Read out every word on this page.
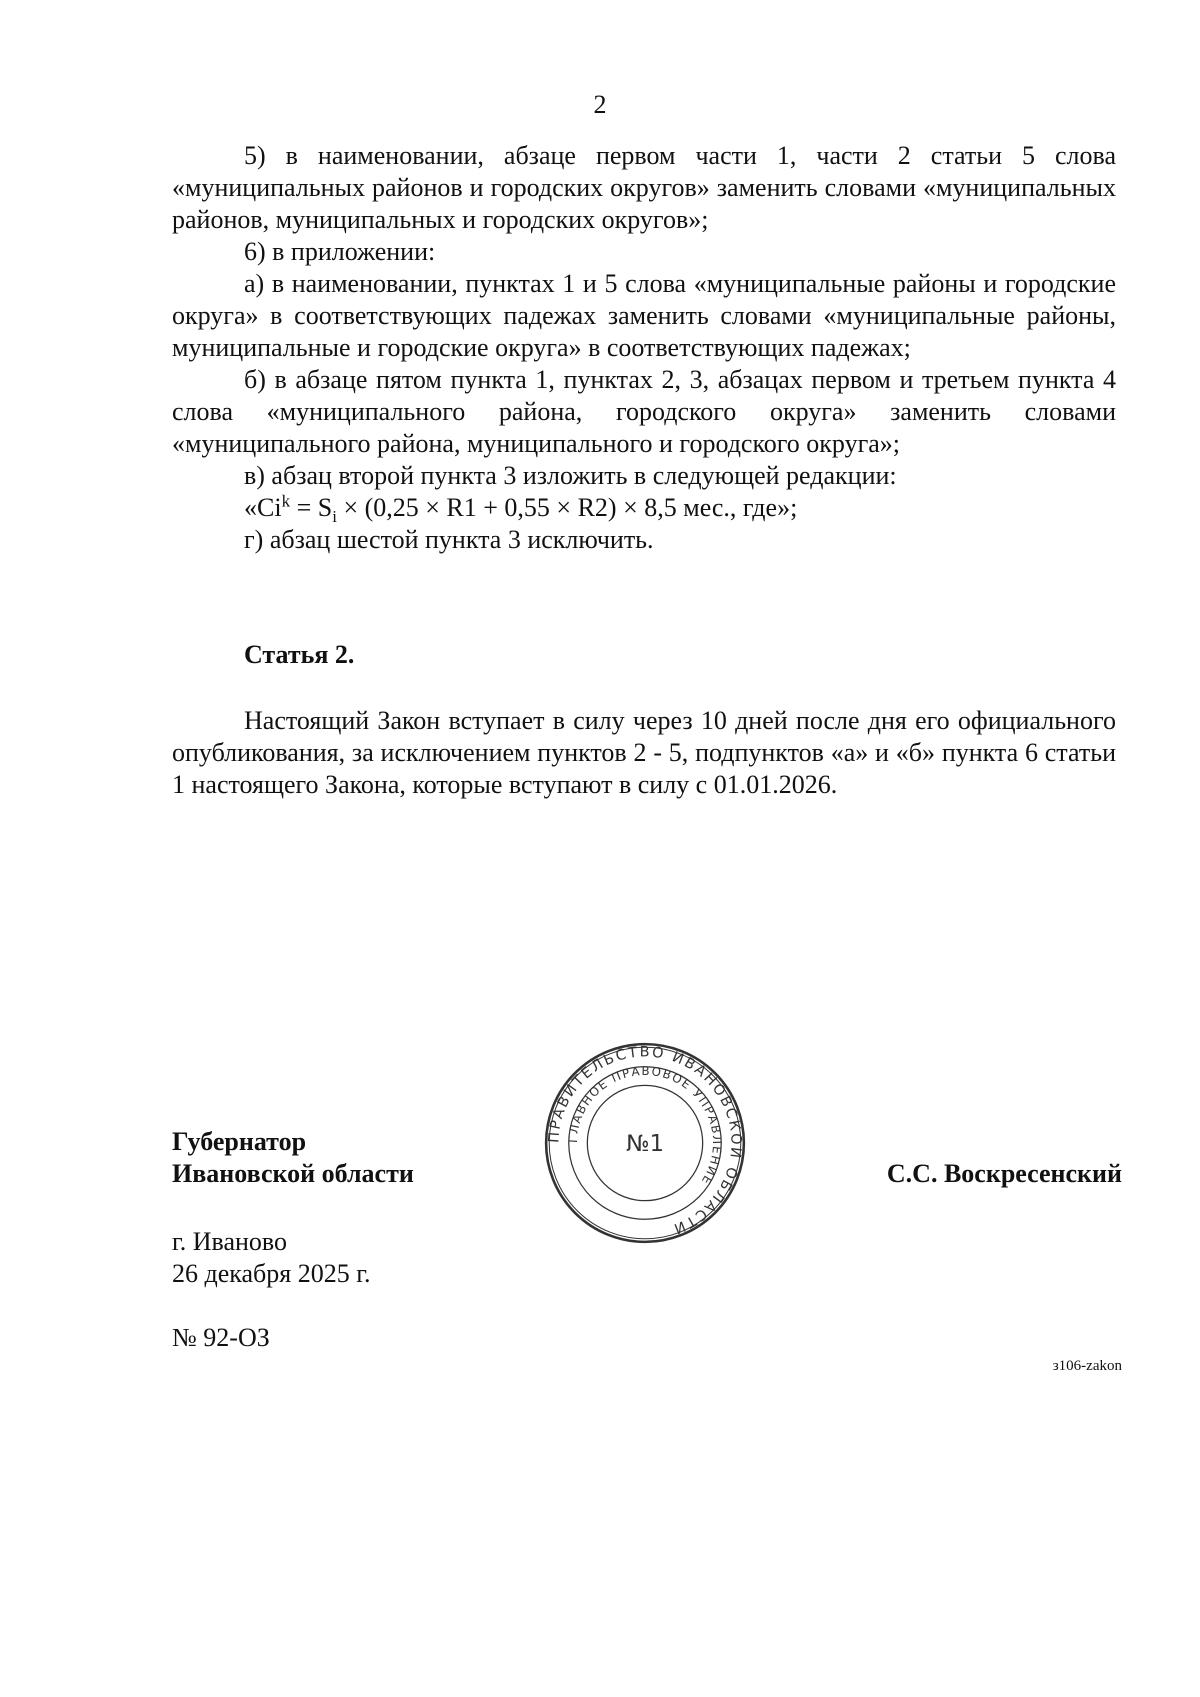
2

5) в наименовании, абзаце первом части 1, части 2 статьи 5 слова «муниципальных районов и городских округов» заменить словами «муниципальных районов, муниципальных и городских округов»;

6) в приложении:

а) в наименовании, пунктах 1 и 5 слова «муниципальные районы и городские округа» в соответствующих падежах заменить словами «муниципальные районы, муниципальные и городские округа» в соответствующих падежах;

б) в абзаце пятом пункта 1, пунктах 2, 3, абзацах первом и третьем пункта 4 слова «муниципального района, городского округа» заменить словами «муниципального района, муниципального и городского округа»;

в) абзац второй пункта 3 изложить в следующей редакции:

«$Ci^k = S_i \times (0,25 \times R1 + 0,55 \times R2) \times 8,5$ мес., где»;

г) абзац шестой пункта 3 исключить.

Статья 2.

Настоящий Закон вступает в силу через 10 дней после дня его официального опубликования, за исключением пунктов 2 - 5, подпунктов «а» и «б» пункта 6 статьи 1 настоящего Закона, которые вступают в силу с 01.01.2026.

Губернатор
Ивановской области
ПРАВИТЕЛЬСТВО ИВАНОВСКОЙ ОБЛАСТИ
ГЛАВНОЕ ПРАВОВОЕ УПРАВЛЕНИЕ
№1
С.С. Воскресенский
г. Иваново
26 декабря 2025 г.
№ 92-ОЗ
з106-zakon
